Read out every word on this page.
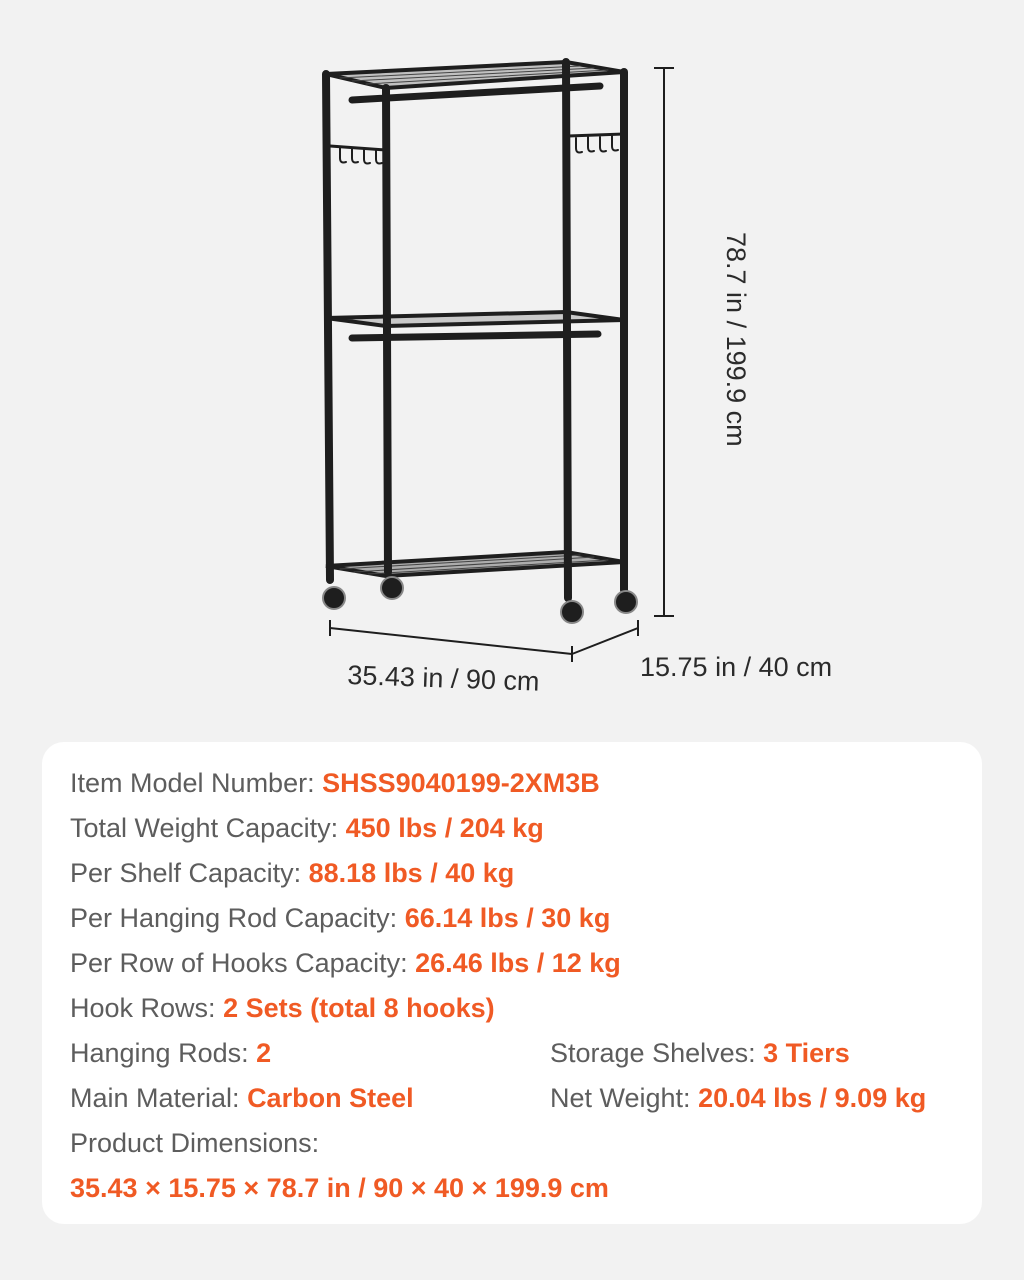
35.43 in / 90 cm	15.75 in / 40 cm
78.7 in / 199.9 cm
Item Model Number: SHSS9040199-2XM3B
Total Weight Capacity: 450 lbs / 204 kg
Per Shelf Capacity: 88.18 lbs / 40 kg
Per Hanging Rod Capacity: 66.14 lbs / 30 kg
Per Row of Hooks Capacity: 26.46 lbs / 12 kg
Hook Rows: 2 Sets (total 8 hooks)
Hanging Rods: 2	Storage Shelves: 3 Tiers
Main Material: Carbon Steel	Net Weight: 20.04 lbs / 9.09 kg
Product Dimensions:
35.43 × 15.75 × 78.7 in / 90 × 40 × 199.9 cm
